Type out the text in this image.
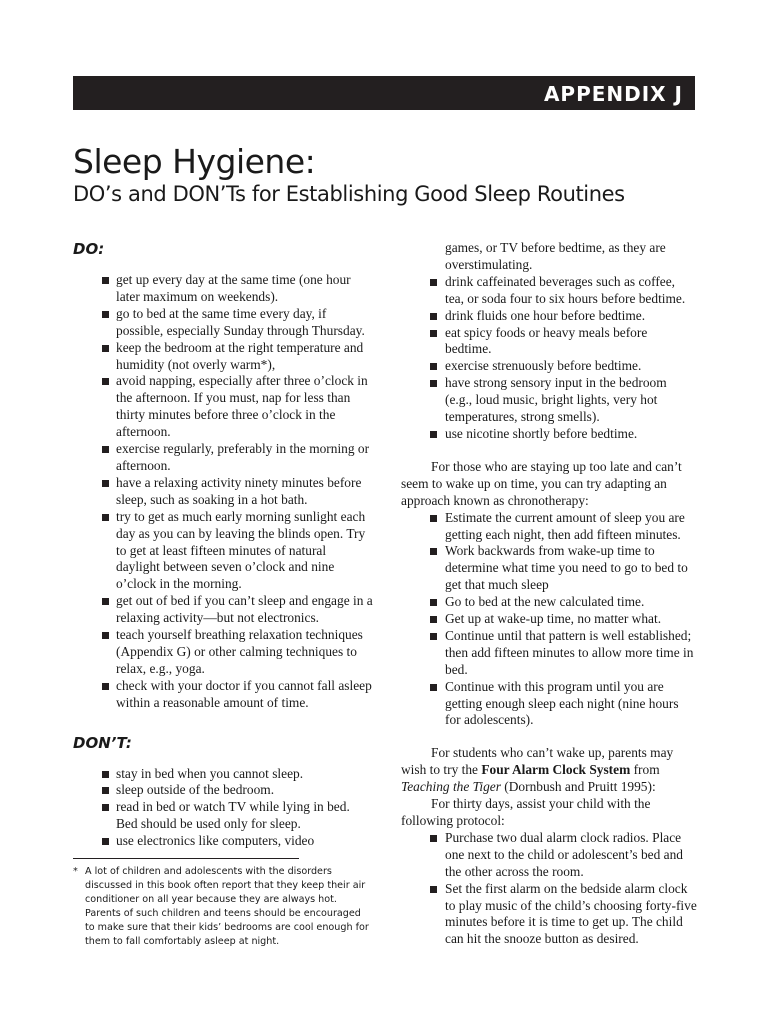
APPENDIX J
Sleep Hygiene:
DO’s and DON’Ts for Establishing Good Sleep Routines
DO:
get up every day at the same time (one hour later maximum on weekends).
go to bed at the same time every day, if possible, especially Sunday through Thursday.
keep the bedroom at the right temperature and humidity (not overly warm*),
avoid napping, especially after three o’clock in the afternoon. If you must, nap for less than thirty minutes before three o’clock in the afternoon.
exercise regularly, preferably in the morning or afternoon.
have a relaxing activity ninety minutes before sleep, such as soaking in a hot bath.
try to get as much early morning sunlight each day as you can by leaving the blinds open. Try to get at least fifteen minutes of natural daylight between seven o’clock and nine o’clock in the morning.
get out of bed if you can’t sleep and engage in a relaxing activity—but not electronics.
teach yourself breathing relaxation techniques (Appendix G) or other calming techniques to relax, e.g., yoga.
check with your doctor if you cannot fall asleep within a reasonable amount of time.
DON’T:
stay in bed when you cannot sleep.
sleep outside of the bedroom.
read in bed or watch TV while lying in bed. Bed should be used only for sleep.
use electronics like computers, video
games, or TV before bedtime, as they are overstimulating.
drink caffeinated beverages such as coffee, tea, or soda four to six hours before bedtime.
drink fluids one hour before bedtime.
eat spicy foods or heavy meals before bedtime.
exercise strenuously before bedtime.
have strong sensory input in the bedroom (e.g., loud music, bright lights, very hot temperatures, strong smells).
use nicotine shortly before bedtime.

For those who are staying up too late and can’t seem to wake up on time, you can try adapting an approach known as chronotherapy:

Estimate the current amount of sleep you are getting each night, then add fifteen minutes.
Work backwards from wake-up time to determine what time you need to go to bed to get that much sleep
Go to bed at the new calculated time.
Get up at wake-up time, no matter what.
Continue until that pattern is well established; then add fifteen minutes to allow more time in bed.
Continue with this program until you are getting enough sleep each night (nine hours for adolescents).

For students who can’t wake up, parents may wish to try the Four Alarm Clock System from Teaching the Tiger (Dornbush and Pruitt 1995):

For thirty days, assist your child with the following protocol:

Purchase two dual alarm clock radios. Place one next to the child or adolescent’s bed and the other across the room.
Set the first alarm on the bedside alarm clock to play music of the child’s choosing forty-five minutes before it is time to get up. The child can hit the snooze button as desired.
* A lot of children and adolescents with the disorders discussed in this book often report that they keep their air conditioner on all year because they are always hot. Parents of such children and teens should be encouraged to make sure that their kids’ bedrooms are cool enough for them to fall comfortably asleep at night.
